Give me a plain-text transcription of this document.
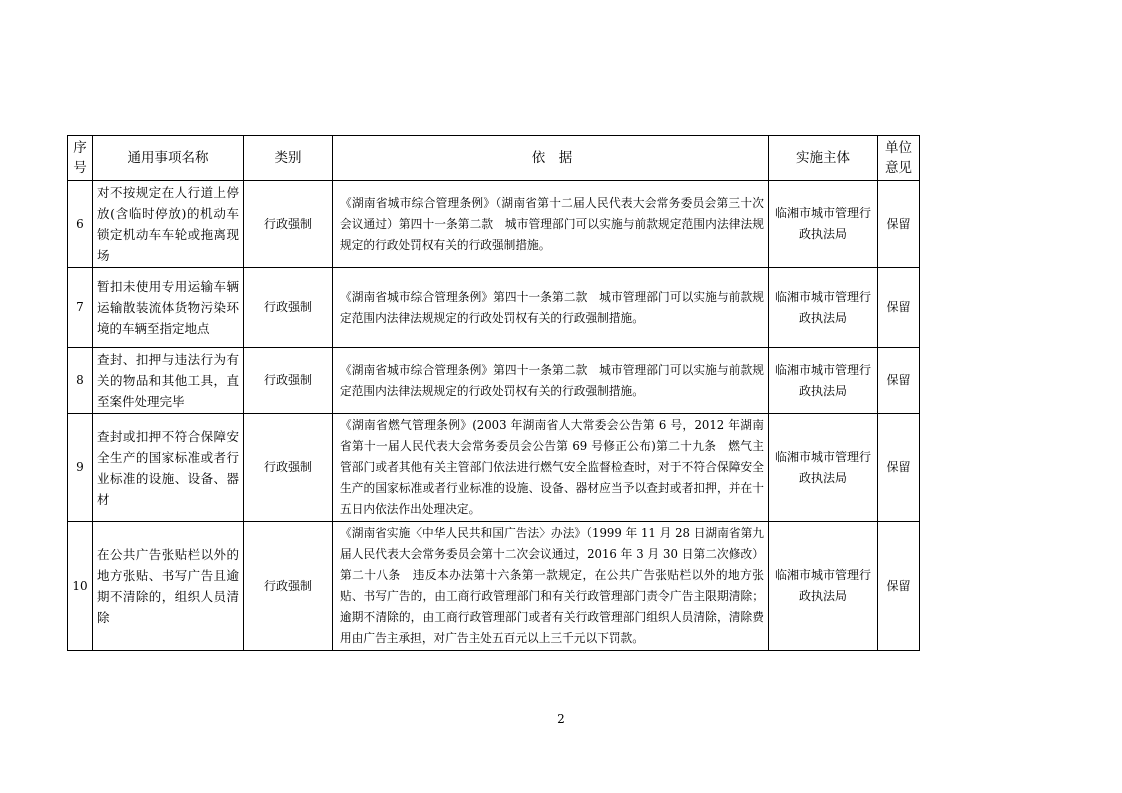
序号	通用事项名称	类别	依　据	实施主体	单位意见
6	对不按规定在人行道上停放(含临时停放)的机动车锁定机动车车轮或拖离现场	行政强制	《湖南省城市综合管理条例》（湖南省第十二届人民代表大会常务委员会第三十次会议通过）第四十一条第二款　城市管理部门可以实施与前款规定范围内法律法规规定的行政处罚权有关的行政强制措施。	临湘市城市管理行政执法局	保留
7	暂扣未使用专用运输车辆运输散装流体货物污染环境的车辆至指定地点	行政强制	《湖南省城市综合管理条例》第四十一条第二款　城市管理部门可以实施与前款规定范围内法律法规规定的行政处罚权有关的行政强制措施。	临湘市城市管理行政执法局	保留
8	查封、扣押与违法行为有关的物品和其他工具，直至案件处理完毕	行政强制	《湖南省城市综合管理条例》第四十一条第二款　城市管理部门可以实施与前款规定范围内法律法规规定的行政处罚权有关的行政强制措施。	临湘市城市管理行政执法局	保留
9	查封或扣押不符合保障安全生产的国家标准或者行业标准的设施、设备、器材	行政强制	《湖南省燃气管理条例》(2003 年湖南省人大常委会公告第 6 号，2012 年湖南省第十一届人民代表大会常务委员会公告第 69 号修正公布)第二十九条　燃气主管部门或者其他有关主管部门依法进行燃气安全监督检查时，对于不符合保障安全生产的国家标准或者行业标准的设施、设备、器材应当予以查封或者扣押，并在十五日内依法作出处理决定。	临湘市城市管理行政执法局	保留
10	在公共广告张贴栏以外的地方张贴、书写广告且逾期不清除的，组织人员清除	行政强制	《湖南省实施〈中华人民共和国广告法〉办法》（1999 年 11 月 28 日湖南省第九届人民代表大会常务委员会第十二次会议通过，2016 年 3 月 30 日第二次修改）第二十八条　违反本办法第十六条第一款规定，在公共广告张贴栏以外的地方张贴、书写广告的，由工商行政管理部门和有关行政管理部门责令广告主限期清除；逾期不清除的，由工商行政管理部门或者有关行政管理部门组织人员清除，清除费用由广告主承担，对广告主处五百元以上三千元以下罚款。	临湘市城市管理行政执法局	保留
2
